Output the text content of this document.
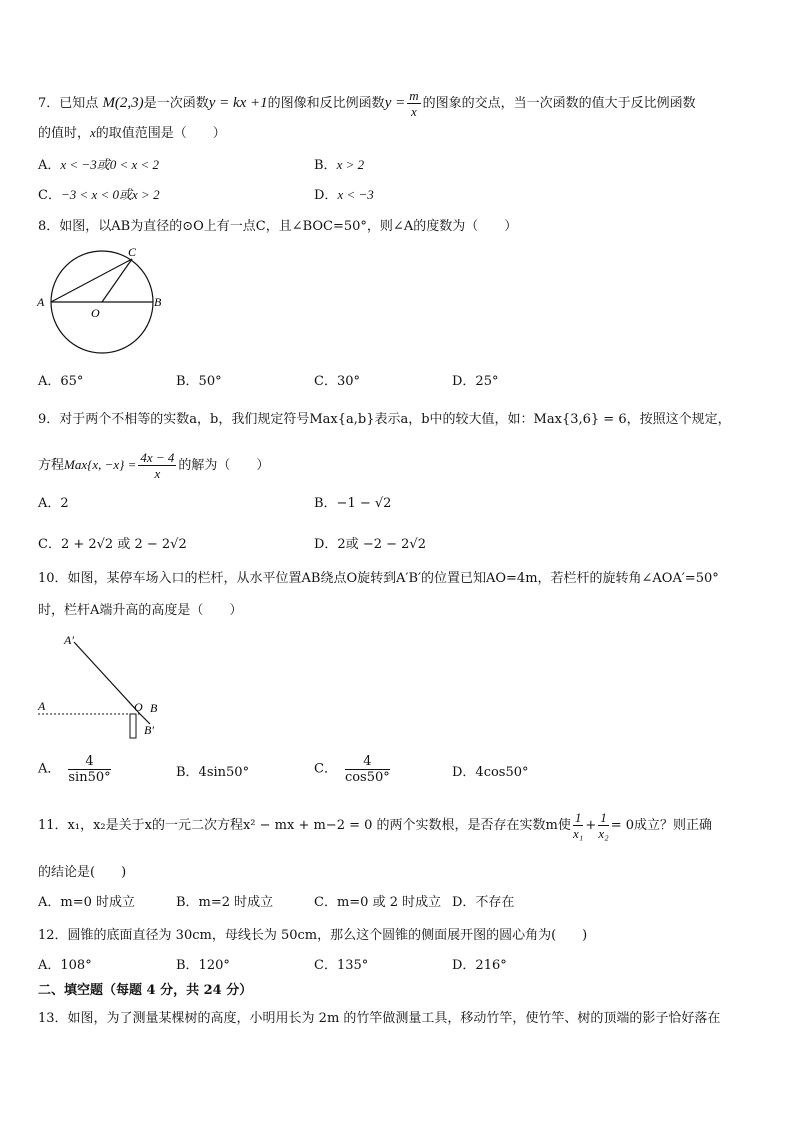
7．已知点 M(2,3)是一次函数y = kx +1的图像和反比例函数$y = \frac{m}{x}$ 的图象的交点，当一次函数的值大于反比例函数
的值时，x的取值范围是（　　）
A．x < −3或0 < x < 2	B．x > 2
C．−3 < x < 0或x > 2	D．x < −3
8．如图，以AB为直径的⊙O上有一点C，且∠BOC=50°，则∠A的度数为（　　）
A	B
C
O
A．65°	B．50°	C．30°	D．25°
9．对于两个不相等的实数a，b，我们规定符号Max{a,b}表示a，b中的较大值，如：Max{3,6} = 6，按照这个规定，
方程Max{x, $-x\} = \frac{4x - 4}{x}$ 的解为（　　）
A．2	B．−1 − √2
C．2 + 2√2 或 2 − 2√2	D．2或 −2 − 2√2
10．如图，某停车场入口的栏杆，从水平位置AB绕点O旋转到A′B′的位置已知AO=4m，若栏杆的旋转角∠AOA′=50°
时，栏杆A端升高的高度是（　　）
A′
A	O B
B′
A． $\frac{4}{\sin 50^\circ}$	B．4sin50°	C． $\frac{4}{\cos 50^\circ}$	D．4cos50°
11．x₁，x₂是关于x的一元二次方程x² − mx + m−2 = 0 的两个实数根，是否存在实数m使 $\frac{1}{\text{x₁}} + \frac{1}{\text{x₂}} = 0$成立？则正确
的结论是(　　)
A．m=0 时成立	B．m=2 时成立	C．m=0 或 2 时成立 D．不存在
12．圆锥的底面直径为 30cm，母线长为 50cm，那么这个圆锥的侧面展开图的圆心角为(　　)
A．108°	B．120°	C．135°	D．216°
二、填空题（每题 4 分，共 24 分）
13．如图，为了测量某棵树的高度，小明用长为 2m 的竹竿做测量工具，移动竹竿，使竹竿、树的顶端的影子恰好落在
